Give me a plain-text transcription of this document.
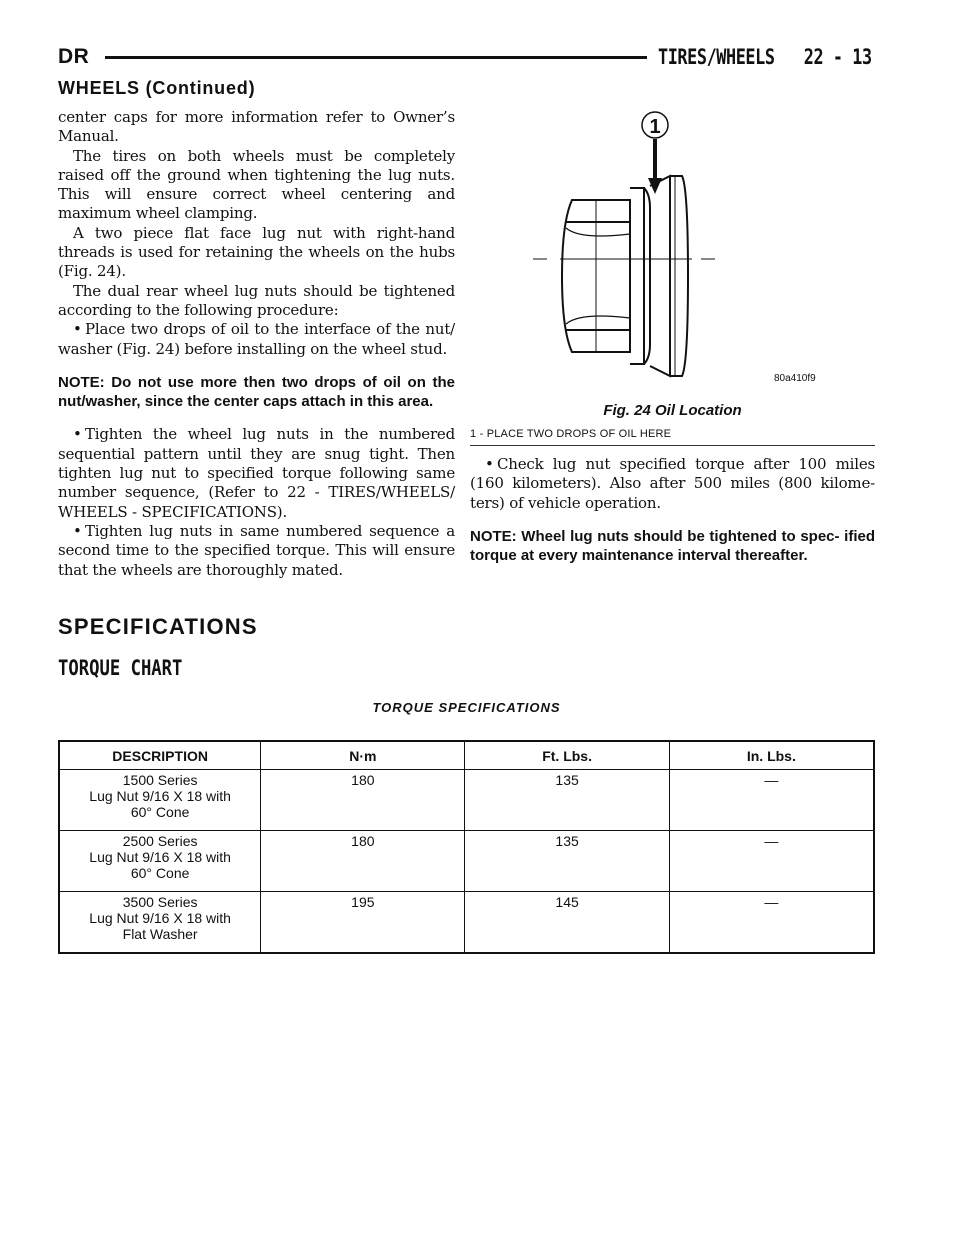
DR	TIRES/WHEELS 22 - 13
WHEELS (Continued)

center caps for more information refer to Owner’s Manual.

The tires on both wheels must be completely raised off the ground when tightening the lug nuts. This will ensure correct wheel centering and maximum wheel clamping.

A two piece flat face lug nut with right-hand threads is used for retaining the wheels on the hubs (Fig. 24).

The dual rear wheel lug nuts should be tightened according to the following procedure:

• Place two drops of oil to the interface of the nut/ washer (Fig. 24) before installing on the wheel stud.

NOTE: Do not use more then two drops of oil on the nut/washer, since the center caps attach in this area.

• Tighten the wheel lug nuts in the numbered sequential pattern until they are snug tight. Then tighten lug nut to specified torque following same number sequence, (Refer to 22 - TIRES/WHEELS/ WHEELS - SPECIFICATIONS).

• Tighten lug nuts in same numbered sequence a second time to the specified torque. This will ensure that the wheels are thoroughly mated.

1
80a410f9
Fig. 24 Oil Location
1 - PLACE TWO DROPS OF OIL HERE

• Check lug nut specified torque after 100 miles (160 kilometers). Also after 500 miles (800 kilome- ters) of vehicle operation.

NOTE: Wheel lug nuts should be tightened to spec- ified torque at every maintenance interval thereafter.

SPECIFICATIONS
TORQUE CHART
TORQUE SPECIFICATIONS
DESCRIPTION	N·m	Ft. Lbs.	In. Lbs.

1500 Series
Lug Nut 9/16 X 18 with
60° Cone	180	135	—

2500 Series
Lug Nut 9/16 X 18 with
60° Cone	180	135	—

3500 Series
Lug Nut 9/16 X 18 with
Flat Washer	195	145	—
